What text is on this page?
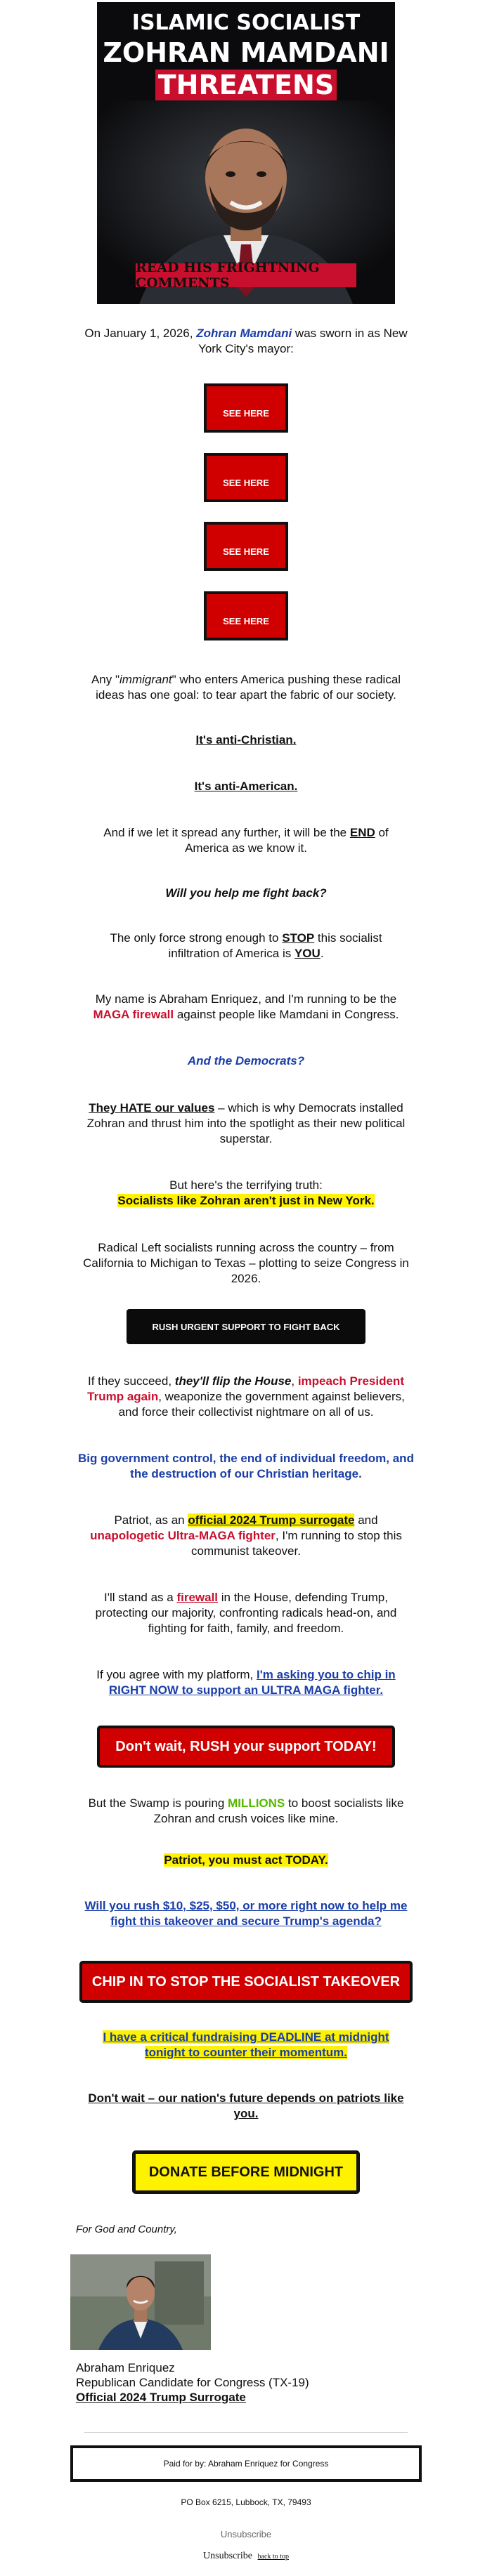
ISLAMIC SOCIALIST
ZOHRAN MAMDANI
THREATENS
READ HIS FRIGHTNING COMMENTS
On January 1, 2026, Zohran Mamdani was sworn in as New York City's mayor:
SEE HERE
SEE HERE
SEE HERE
SEE HERE
Any "immigrant" who enters America pushing these radical ideas has one goal: to tear apart the fabric of our society.
It's anti-Christian.
It's anti-American.
And if we let it spread any further, it will be the END of America as we know it.
Will you help me fight back?
The only force strong enough to STOP this socialist infiltration of America is YOU.
My name is Abraham Enriquez, and I'm running to be the MAGA firewall against people like Mamdani in Congress.
And the Democrats?
They HATE our values – which is why Democrats installed Zohran and thrust him into the spotlight as their new political superstar.
But here's the terrifying truth:
Socialists like Zohran aren't just in New York.
Radical Left socialists running across the country – from California to Michigan to Texas – plotting to seize Congress in 2026.
RUSH URGENT SUPPORT TO FIGHT BACK
If they succeed, they'll flip the House, impeach President Trump again, weaponize the government against believers, and force their collectivist nightmare on all of us.
Big government control, the end of individual freedom, and the destruction of our Christian heritage.
Patriot, as an official 2024 Trump surrogate and unapologetic Ultra-MAGA fighter, I'm running to stop this communist takeover.
I'll stand as a firewall in the House, defending Trump, protecting our majority, confronting radicals head-on, and fighting for faith, family, and freedom.
If you agree with my platform, I'm asking you to chip in RIGHT NOW to support an ULTRA MAGA fighter.
Don't wait, RUSH your support TODAY!
But the Swamp is pouring MILLIONS to boost socialists like Zohran and crush voices like mine.
Patriot, you must act TODAY.
Will you rush $10, $25, $50, or more right now to help me fight this takeover and secure Trump's agenda?
CHIP IN TO STOP THE SOCIALIST TAKEOVER
I have a critical fundraising DEADLINE at midnight tonight to counter their momentum.
Don't wait – our nation's future depends on patriots like you.
DONATE BEFORE MIDNIGHT
For God and Country,
Abraham Enriquez
Republican Candidate for Congress (TX-19)
Official 2024 Trump Surrogate
Paid for by: Abraham Enriquez for Congress
PO Box 6215, Lubbock, TX, 79493
Unsubscribe
Unsubscribe back to top
